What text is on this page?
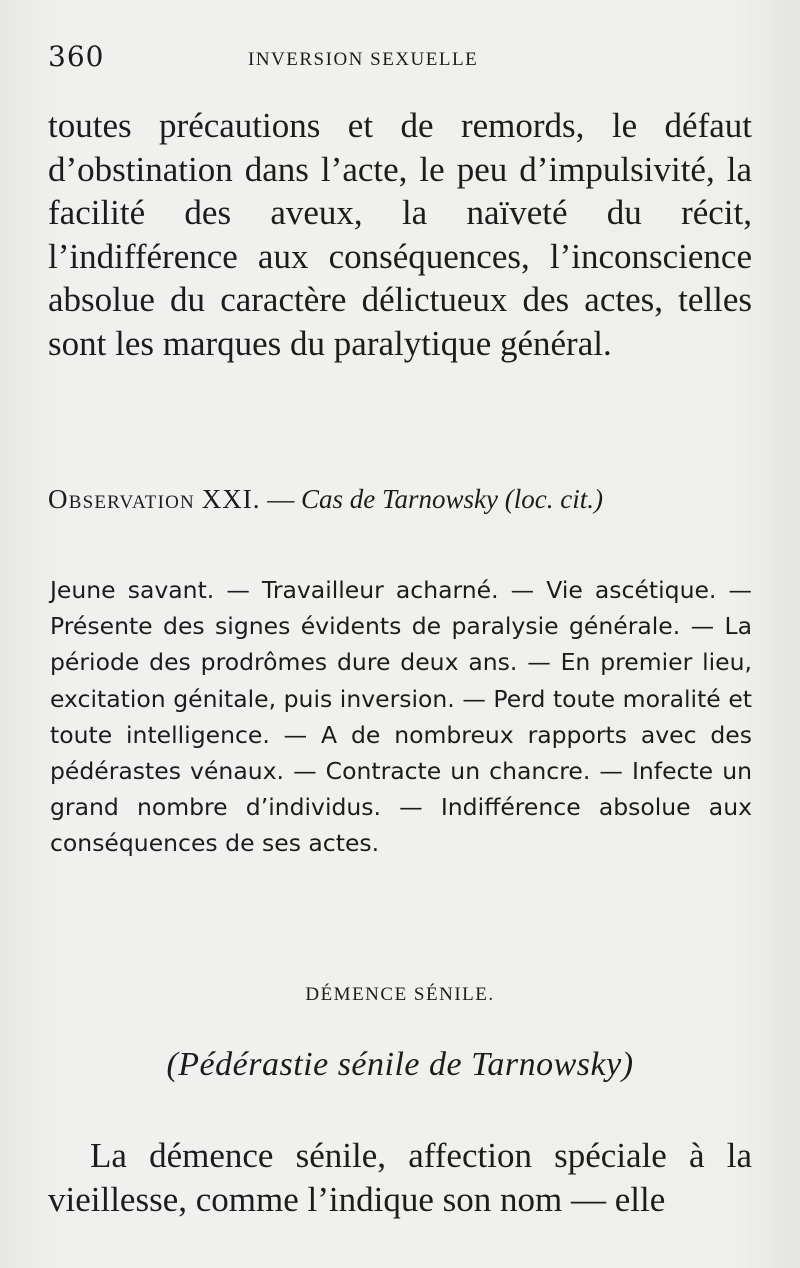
360	INVERSION SEXUELLE

toutes précautions et de remords, le défaut d’obstination dans l’acte, le peu d’impulsivité, la facilité des aveux, la naïveté du récit, l’indifférence aux conséquences, l’inconscience absolue du caractère délictueux des actes, telles sont les marques du paralytique général.

Observation XXI. — Cas de Tarnowsky (loc. cit.)

Jeune savant. — Travailleur acharné. — Vie ascétique. — Présente des signes évidents de paralysie générale. — La période des prodrômes dure deux ans. — En premier lieu, excitation génitale, puis inversion. — Perd toute moralité et toute intelligence. — A de nombreux rapports avec des pédérastes vénaux. — Contracte un chancre. — Infecte un grand nombre d’individus. — Indifférence absolue aux conséquences de ses actes.

DÉMENCE SÉNILE.
(Pédérastie sénile de Tarnowsky)

La démence sénile, affection spéciale à la vieillesse, comme l’indique son nom — elle
